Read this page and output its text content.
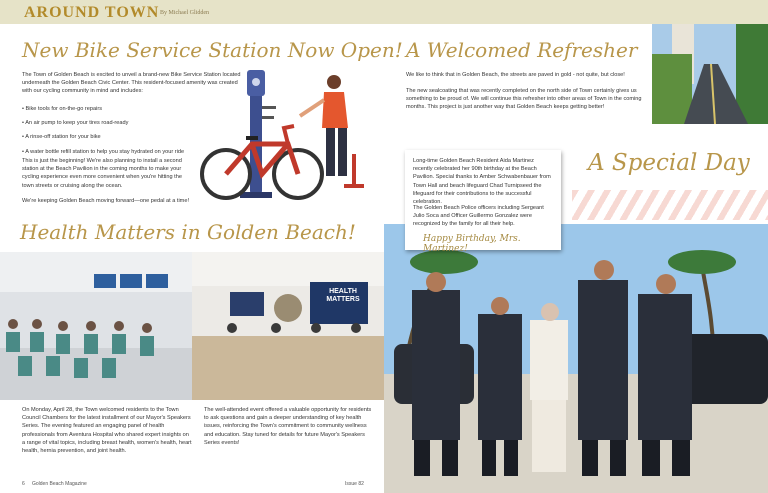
AROUND TOWN By Michael Glidden
New Bike Service Station Now Open!
The Town of Golden Beach is excited to unveil a brand-new Bike Service Station located underneath the Golden Beach Civic Center. This resident-focused amenity was created with our cycling community in mind and includes:
• Bike tools for on-the-go repairs
• An air pump to keep your tires road-ready
• A rinse-off station for your bike
• A water bottle refill station to help you stay hydrated on your ride
This is just the beginning! We're also planning to install a second station at the Beach Pavilion in the coming months to make your cycling experience even more convenient when you're hitting the town streets or cruising along the ocean.
We're keeping Golden Beach moving forward—one pedal at a time!
A Welcomed Refresher
We like to think that in Golden Beach, the streets are paved in gold - not quite, but close!
The new sealcoating that was recently completed on the north side of Town certainly gives us something to be proud of. We will continue this refresher into other areas of Town in the coming months. This project is just another way that Golden Beach keeps getting better!
A Special Day
Long-time Golden Beach Resident Aida Martinez recently celebrated her 90th birthday at the Beach Pavilion. Special thanks to Amber Schwabenbauer from Town Hall and beach lifeguard Chad Turnipseed the lifeguard for their contributions to the successful celebration.
The Golden Beach Police officers including Sergeant Julio Soca and Officer Guillermo Gonzalez were recognized by the family for all their help.
Happy Birthday, Mrs. Martinez!
Health Matters in Golden Beach!
HEALTH MATTERS
On Monday, April 28, the Town welcomed residents to the Town Council Chambers for the latest installment of our Mayor's Speakers Series. The evening featured an engaging panel of health professionals from Aventura Hospital who shared expert insights on a range of vital topics, including breast health, women's health, heart health, hernia prevention, and joint health.
The well-attended event offered a valuable opportunity for residents to ask questions and gain a deeper understanding of key health issues, reinforcing the Town's commitment to community wellness and education. Stay tuned for details for future Mayor's Speakers Series events!
6 Golden Beach Magazine	Issue 82
